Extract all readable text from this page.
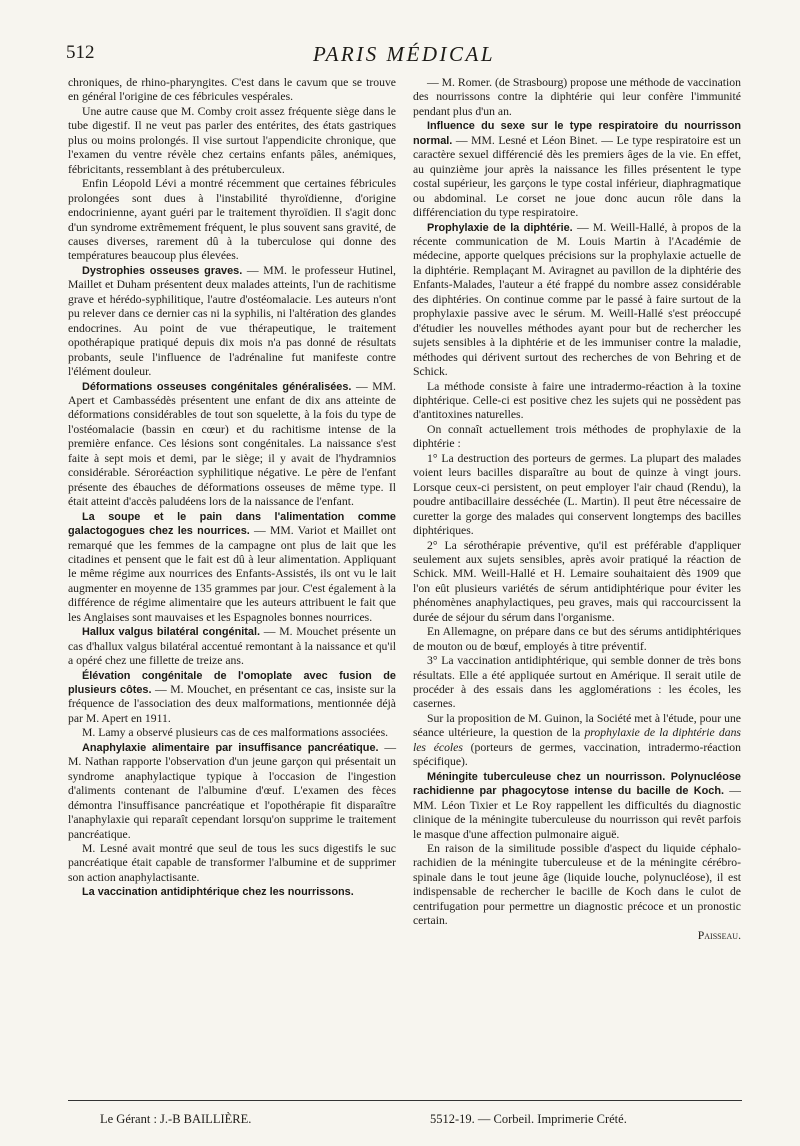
512	PARIS MÉDICAL

chroniques, de rhino-pharyngites. C'est dans le cavum que se trouve en général l'origine de ces fébricules vespérales.

Une autre cause que M. Comby croit assez fréquente siège dans le tube digestif. Il ne veut pas parler des entérites, des états gastriques plus ou moins prolongés. Il vise surtout l'appendicite chronique, que l'examen du ventre révèle chez certains enfants pâles, anémiques, fébricitants, ressemblant à des prétuberculeux.

Enfin Léopold Lévi a montré récemment que certaines fébricules prolongées sont dues à l'instabilité thyroïdienne, d'origine endocrinienne, ayant guéri par le traitement thyroïdien. Il s'agit donc d'un syndrome extrêmement fréquent, le plus souvent sans gravité, de causes diverses, rarement dû à la tuberculose qui donne des températures beaucoup plus élevées.

Dystrophies osseuses graves. — MM. le professeur Hutinel, Maillet et Duham présentent deux malades atteints, l'un de rachitisme grave et hérédo-syphilitique, l'autre d'ostéomalacie. Les auteurs n'ont pu relever dans ce dernier cas ni la syphilis, ni l'altération des glandes endocrines. Au point de vue thérapeutique, le traitement opothérapique pratiqué depuis dix mois n'a pas donné de résultats probants, seule l'influence de l'adrénaline fut manifeste contre l'élément douleur.

Déformations osseuses congénitales généralisées. — MM. Apert et Cambassédès présentent une enfant de dix ans atteinte de déformations considérables de tout son squelette, à la fois du type de l'ostéomalacie (bassin en cœur) et du rachitisme intense de la première enfance. Ces lésions sont congénitales. La naissance s'est faite à sept mois et demi, par le siège; il y avait de l'hydramnios considérable. Séroréaction syphilitique négative. Le père de l'enfant présente des ébauches de déformations osseuses de même type. Il était atteint d'accès paludéens lors de la naissance de l'enfant.

La soupe et le pain dans l'alimentation comme galactogogues chez les nourrices. — MM. Variot et Maillet ont remarqué que les femmes de la campagne ont plus de lait que les citadines et pensent que le fait est dû à leur alimentation. Appliquant le même régime aux nourrices des Enfants-Assistés, ils ont vu le lait augmenter en moyenne de 135 grammes par jour. C'est également à la différence de régime alimentaire que les auteurs attribuent le fait que les Anglaises sont mauvaises et les Espagnoles bonnes nourrices.

Hallux valgus bilatéral congénital. — M. Mouchet présente un cas d'hallux valgus bilatéral accentué remontant à la naissance et qu'il a opéré chez une fillette de treize ans.

Élévation congénitale de l'omoplate avec fusion de plusieurs côtes. — M. Mouchet, en présentant ce cas, insiste sur la fréquence de l'association des deux malformations, mentionnée déjà par M. Apert en 1911.

M. Lamy a observé plusieurs cas de ces malformations associées.

Anaphylaxie alimentaire par insuffisance pancréatique. — M. Nathan rapporte l'observation d'un jeune garçon qui présentait un syndrome anaphylactique typique à l'occasion de l'ingestion d'aliments contenant de l'albumine d'œuf. L'examen des fèces démontra l'insuffisance pancréatique et l'opothérapie fit disparaître l'anaphylaxie qui reparaît cependant lorsqu'on supprime le traitement pancréatique.

M. Lesné avait montré que seul de tous les sucs digestifs le suc pancréatique était capable de transformer l'albumine et de supprimer son action anaphylactisante.

La vaccination antidiphtérique chez les nourrissons.

— M. Romer. (de Strasbourg) propose une méthode de vaccination des nourrissons contre la diphtérie qui leur confère l'immunité pendant plus d'un an.

Influence du sexe sur le type respiratoire du nourrisson normal. — MM. Lesné et Léon Binet. — Le type respiratoire est un caractère sexuel différencié dès les premiers âges de la vie. En effet, au quinzième jour après la naissance les filles présentent le type costal supérieur, les garçons le type costal inférieur, diaphragmatique ou abdominal. Le corset ne joue donc aucun rôle dans la différenciation du type respiratoire.

Prophylaxie de la diphtérie. — M. Weill-Hallé, à propos de la récente communication de M. Louis Martin à l'Académie de médecine, apporte quelques précisions sur la prophylaxie actuelle de la diphtérie. Remplaçant M. Avіragnet au pavillon de la diphtérie des Enfants-Malades, l'auteur a été frappé du nombre assez considérable des diphtéries. On continue comme par le passé à faire surtout de la prophylaxie passive avec le sérum. M. Weill-Hallé s'est préoccupé d'étudier les nouvelles méthodes ayant pour but de rechercher les sujets sensibles à la diphtérie et de les immuniser contre la maladie, méthodes qui dérivent surtout des recherches de von Behring et de Schick.

La méthode consiste à faire une intradermo-réaction à la toxine diphtérique. Celle-ci est positive chez les sujets qui ne possèdent pas d'antitoxines naturelles.

On connaît actuellement trois méthodes de prophylaxie de la diphtérie :

1° La destruction des porteurs de germes. La plupart des malades voient leurs bacilles disparaître au bout de quinze à vingt jours. Lorsque ceux-ci persistent, on peut employer l'air chaud (Rendu), la poudre antibacillaire desséchée (L. Martin). Il peut être nécessaire de curetter la gorge des malades qui conservent longtemps des bacilles diphtériques.

2° La sérothérapie préventive, qu'il est préférable d'appliquer seulement aux sujets sensibles, après avoir pratiqué la réaction de Schick. MM. Weill-Hallé et H. Lemaire souhaitaient dès 1909 que l'on eût plusieurs variétés de sérum antidiphtérique pour éviter les phénomènes anaphylactiques, peu graves, mais qui raccourcissent la durée de séjour du sérum dans l'organisme.

En Allemagne, on prépare dans ce but des sérums antidiphtériques de mouton ou de bœuf, employés à titre préventif.

3° La vaccination antidiphtérique, qui semble donner de très bons résultats. Elle a été appliquée surtout en Amérique. Il serait utile de procéder à des essais dans les agglomérations : les écoles, les casernes.

Sur la proposition de M. Guinon, la Société met à l'étude, pour une séance ultérieure, la question de la prophylaxie de la diphtérie dans les écoles (porteurs de germes, vaccination, intradermo-réaction spécifique).

Méningite tuberculeuse chez un nourrisson. Polynucléose rachidienne par phagocytose intense du bacille de Koch. — MM. Léon Tixier et Le Roy rappellent les difficultés du diagnostic clinique de la méningite tuberculeuse du nourrisson qui revêt parfois le masque d'une affection pulmonaire aiguë.

En raison de la similitude possible d'aspect du liquide céphalo-rachidien de la méningite tuberculeuse et de la méningite cérébro-spinale dans le tout jeune âge (liquide louche, polynucléose), il est indispensable de rechercher le bacille de Koch dans le culot de centrifugation pour permettre un diagnostic précoce et un pronostic certain.

Paisseau.
Le Gérant : J.-B BAILLIÈRE.	5512-19. — Corbeil. Imprimerie Crété.
